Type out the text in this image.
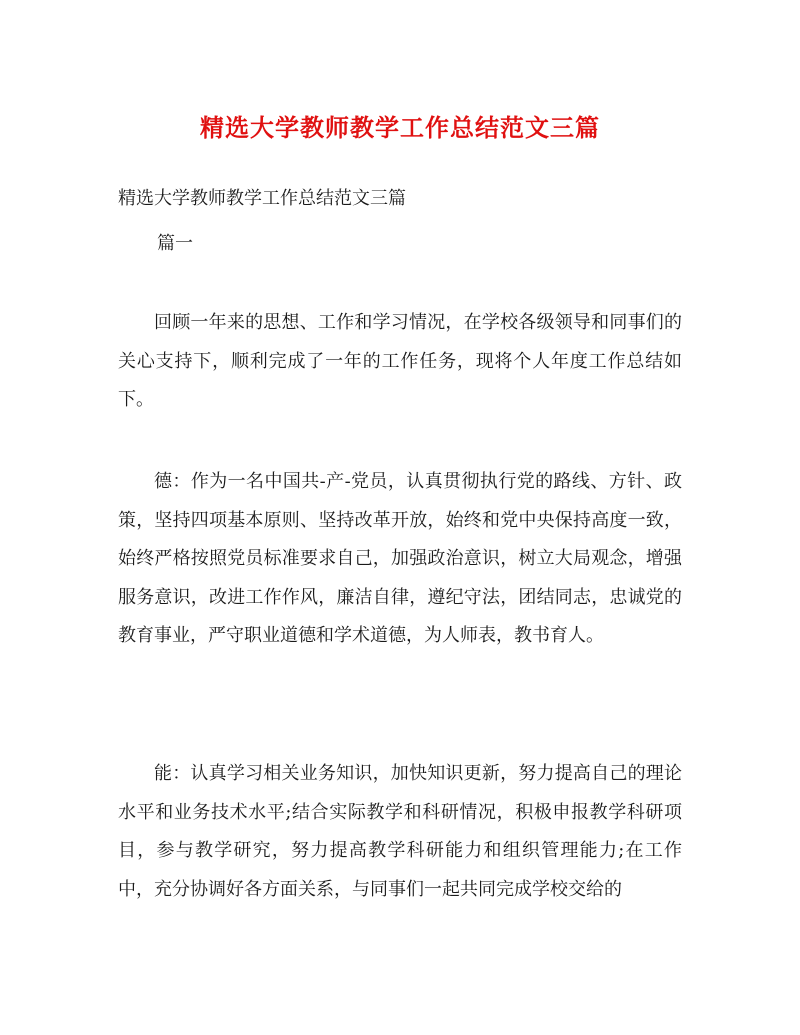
精选大学教师教学工作总结范文三篇

精选大学教师教学工作总结范文三篇

篇一

回顾一年来的思想、工作和学习情况，在学校各级领导和同事们的关心支持下，顺利完成了一年的工作任务，现将个人年度工作总结如下。

德：作为一名中国共-产-党员，认真贯彻执行党的路线、方针、政策，坚持四项基本原则、坚持改革开放，始终和党中央保持高度一致，始终严格按照党员标准要求自己，加强政治意识，树立大局观念，增强服务意识，改进工作作风，廉洁自律，遵纪守法，团结同志，忠诚党的教育事业，严守职业道德和学术道德，为人师表，教书育人。

能：认真学习相关业务知识，加快知识更新，努力提高自己的理论水平和业务技术水平;结合实际教学和科研情况，积极申报教学科研项目，参与教学研究，努力提高教学科研能力和组织管理能力;在工作中，充分协调好各方面关系，与同事们一起共同完成学校交给的
